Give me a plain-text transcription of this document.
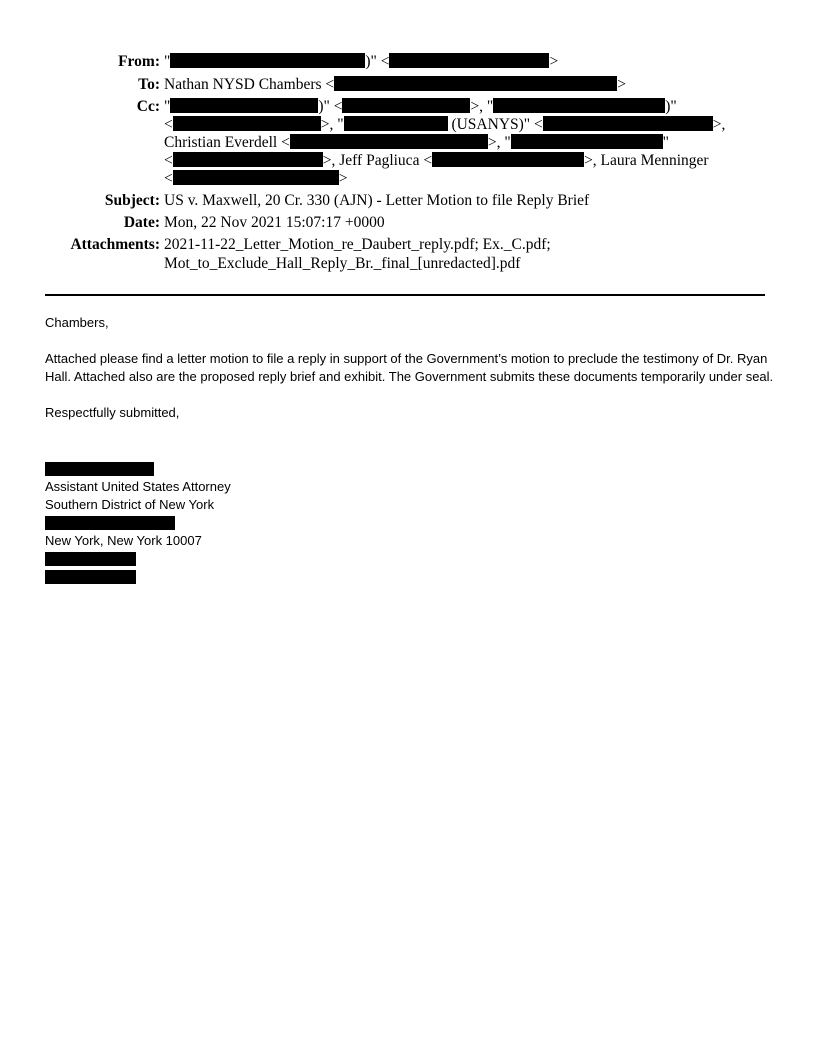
From: "	)" <	>
To: Nathan NYSD Chambers <	>
Cc: "	)" <	>, "	)"
<	>, "	(USANYS)" <	>,
Christian Everdell <	>, "	"
<	>, Jeff Pagliuca <	>, Laura Menninger
<	>
Subject: US v. Maxwell, 20 Cr. 330 (AJN) - Letter Motion to file Reply Brief
Date: Mon, 22 Nov 2021 15:07:17 +0000
Attachments: 2021-11-22_Letter_Motion_re_Daubert_reply.pdf; Ex._C.pdf;
Mot_to_Exclude_Hall_Reply_Br._final_[unredacted].pdf

Chambers,

Attached please find a letter motion to file a reply in support of the Government’s motion to preclude the testimony of Dr. Ryan Hall. Attached also are the proposed reply brief and exhibit. The Government submits these documents temporarily under seal.

Respectfully submitted,

Assistant United States Attorney
Southern District of New York
New York, New York 10007
